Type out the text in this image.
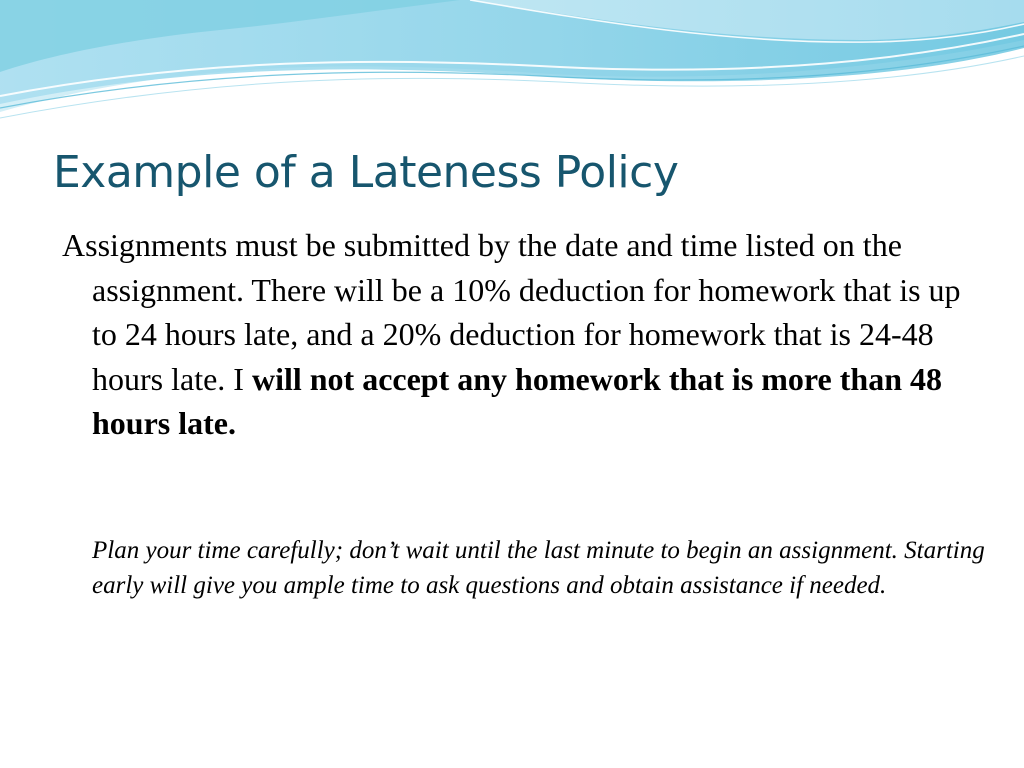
Example of a Lateness Policy

Assignments must be submitted by the date and time listed on the assignment. There will be a 10% deduction for homework that is up to 24 hours late, and a 20% deduction for homework that is 24-48 hours late. I will not accept any homework that is more than 48 hours late.

Plan your time carefully; don’t wait until the last minute to begin an assignment. Starting early will give you ample time to ask questions and obtain assistance if needed.
